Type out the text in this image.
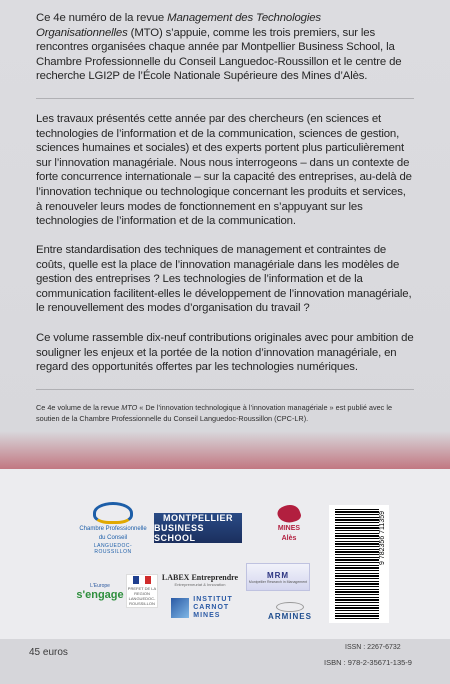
Ce 4e numéro de la revue Management des Technologies Organisationnelles (MTO) s’appuie, comme les trois premiers, sur les rencontres organisées chaque année par Montpellier Business School, la Chambre Professionnelle du Conseil Languedoc-Roussillon et le centre de recherche LGI2P de l’École Nationale Supérieure des Mines d’Alès.
Les travaux présentés cette année par des chercheurs (en sciences et technologies de l’information et de la communication, sciences de gestion, sciences humaines et sociales) et des experts portent plus particulièrement sur l’innovation managériale. Nous nous interrogeons – dans un contexte de forte concurrence internationale – sur la capacité des entreprises, au-delà de l’innovation technique ou technologique concernant les produits et services, à renouveler leurs modes de fonctionnement en s’appuyant sur les technologies de l’information et de la communication.
Entre standardisation des techniques de management et contraintes de coûts, quelle est la place de l’innovation managériale dans les modèles de gestion des entreprises ? Les technologies de l’information et de la communication facilitent-elles le développement de l’innovation managériale, le renouvellement des modes d’organisation du travail ?
Ce volume rassemble dix-neuf contributions originales avec pour ambition de souligner les enjeux et la portée de la notion d’innovation managériale, en regard des opportunités offertes par les technologies numériques.
Ce 4e volume de la revue MTO « De l’innovation technologique à l’innovation managériale » est publié avec le soutien de la Chambre Professionnelle du Conseil Languedoc-Roussillon (CPC-LR).
Chambre Professionnelle
du Conseil
LANGUEDOC-ROUSSILLON
MONTPELLIER
BUSINESS SCHOOL
MINES
Alès
L'Europe
s'engage
PREFET DE LA REGION LANGUEDOC-ROUSSILLON
LABEX Entreprendre
Entrepreneuriat & Innovation
INSTITUT
CARNOT
MINES
MRM
Montpellier Research in Management
ARMINES
9 782356 711359
45 euros	ISSN : 2267-6732
ISBN : 978-2-35671-135-9
